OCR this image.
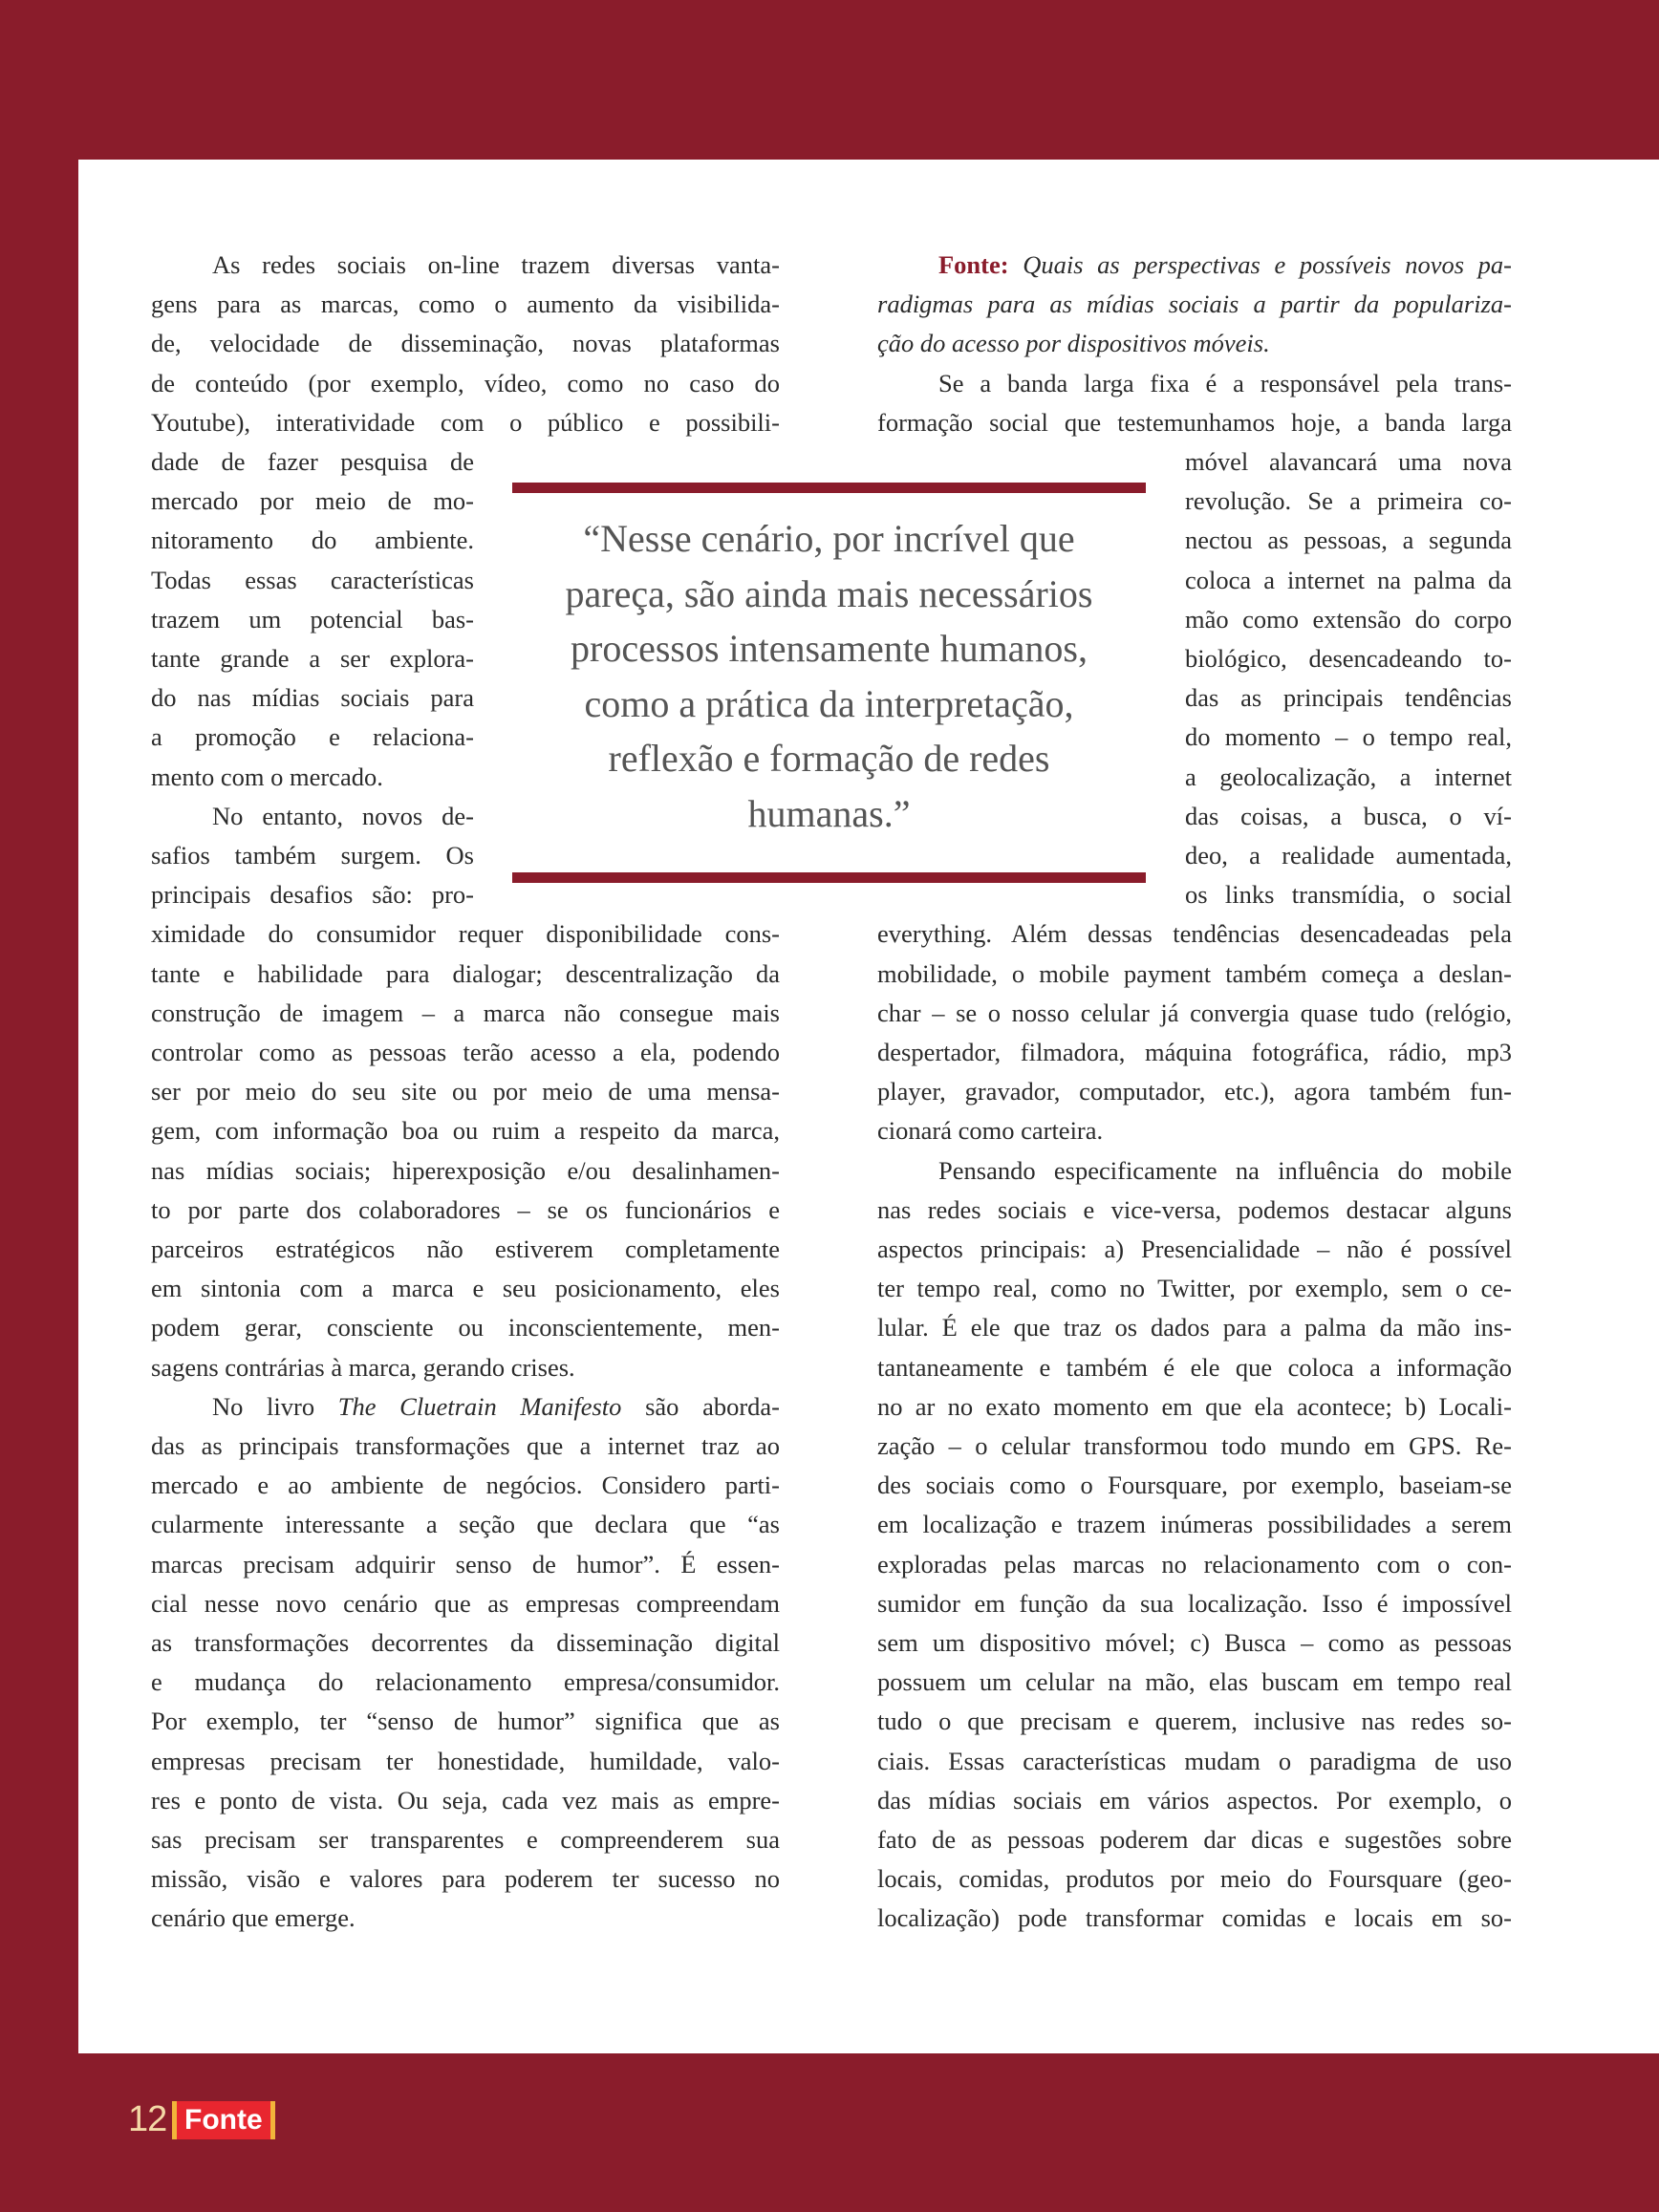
As redes sociais on-line trazem diversas vanta-
gens para as marcas, como o aumento da visibilida-
de, velocidade de disseminação, novas plataformas
de conteúdo (por exemplo, vídeo, como no caso do
Youtube), interatividade com o público e possibili-
dade de fazer pesquisa de
mercado por meio de mo-
nitoramento do ambiente.
Todas essas características
trazem um potencial bas-
tante grande a ser explora-
do nas mídias sociais para
a promoção e relaciona-
mento com o mercado.
No entanto, novos de-
safios também surgem. Os
principais desafios são: pro-
ximidade do consumidor requer disponibilidade cons-
tante e habilidade para dialogar; descentralização da
construção de imagem – a marca não consegue mais
controlar como as pessoas terão acesso a ela, podendo
ser por meio do seu site ou por meio de uma mensa-
gem, com informação boa ou ruim a respeito da marca,
nas mídias sociais; hiperexposição e/ou desalinhamen-
to por parte dos colaboradores – se os funcionários e
parceiros estratégicos não estiverem completamente
em sintonia com a marca e seu posicionamento, eles
podem gerar, consciente ou inconscientemente, men-
sagens contrárias à marca, gerando crises.
No livro The Cluetrain Manifesto são aborda-
das as principais transformações que a internet traz ao
mercado e ao ambiente de negócios. Considero parti-
cularmente interessante a seção que declara que “as
marcas precisam adquirir senso de humor”. É essen-
cial nesse novo cenário que as empresas compreendam
as transformações decorrentes da disseminação digital
e mudança do relacionamento empresa/consumidor.
Por exemplo, ter “senso de humor” significa que as
empresas precisam ter honestidade, humildade, valo-
res e ponto de vista. Ou seja, cada vez mais as empre-
sas precisam ser transparentes e compreenderem sua
missão, visão e valores para poderem ter sucesso no
cenário que emerge.
Fonte: Quais as perspectivas e possíveis novos pa-
radigmas para as mídias sociais a partir da populariza-
ção do acesso por dispositivos móveis.
Se a banda larga fixa é a responsável pela trans-
formação social que testemunhamos hoje, a banda larga
móvel alavancará uma nova
revolução. Se a primeira co-
nectou as pessoas, a segunda
coloca a internet na palma da
mão como extensão do corpo
biológico, desencadeando to-
das as principais tendências
do momento – o tempo real,
a geolocalização, a internet
das coisas, a busca, o ví-
deo, a realidade aumentada,
os links transmídia, o social
everything. Além dessas tendências desencadeadas pela
mobilidade, o mobile payment também começa a deslan-
char – se o nosso celular já convergia quase tudo (relógio,
despertador, filmadora, máquina fotográfica, rádio, mp3
player, gravador, computador, etc.), agora também fun-
cionará como carteira.
Pensando especificamente na influência do mobile
nas redes sociais e vice-versa, podemos destacar alguns
aspectos principais: a) Presencialidade – não é possível
ter tempo real, como no Twitter, por exemplo, sem o ce-
lular. É ele que traz os dados para a palma da mão ins-
tantaneamente e também é ele que coloca a informação
no ar no exato momento em que ela acontece; b) Locali-
zação – o celular transformou todo mundo em GPS. Re-
des sociais como o Foursquare, por exemplo, baseiam-se
em localização e trazem inúmeras possibilidades a serem
exploradas pelas marcas no relacionamento com o con-
sumidor em função da sua localização. Isso é impossível
sem um dispositivo móvel; c) Busca – como as pessoas
possuem um celular na mão, elas buscam em tempo real
tudo o que precisam e querem, inclusive nas redes so-
ciais. Essas características mudam o paradigma de uso
das mídias sociais em vários aspectos. Por exemplo, o
fato de as pessoas poderem dar dicas e sugestões sobre
locais, comidas, produtos por meio do Foursquare (geo-
localização) pode transformar comidas e locais em so-
“Nesse cenário, por incrível que
pareça, são ainda mais necessários
processos intensamente humanos,
como a prática da interpretação,
reflexão e formação de redes
humanas.”
12 Fonte
